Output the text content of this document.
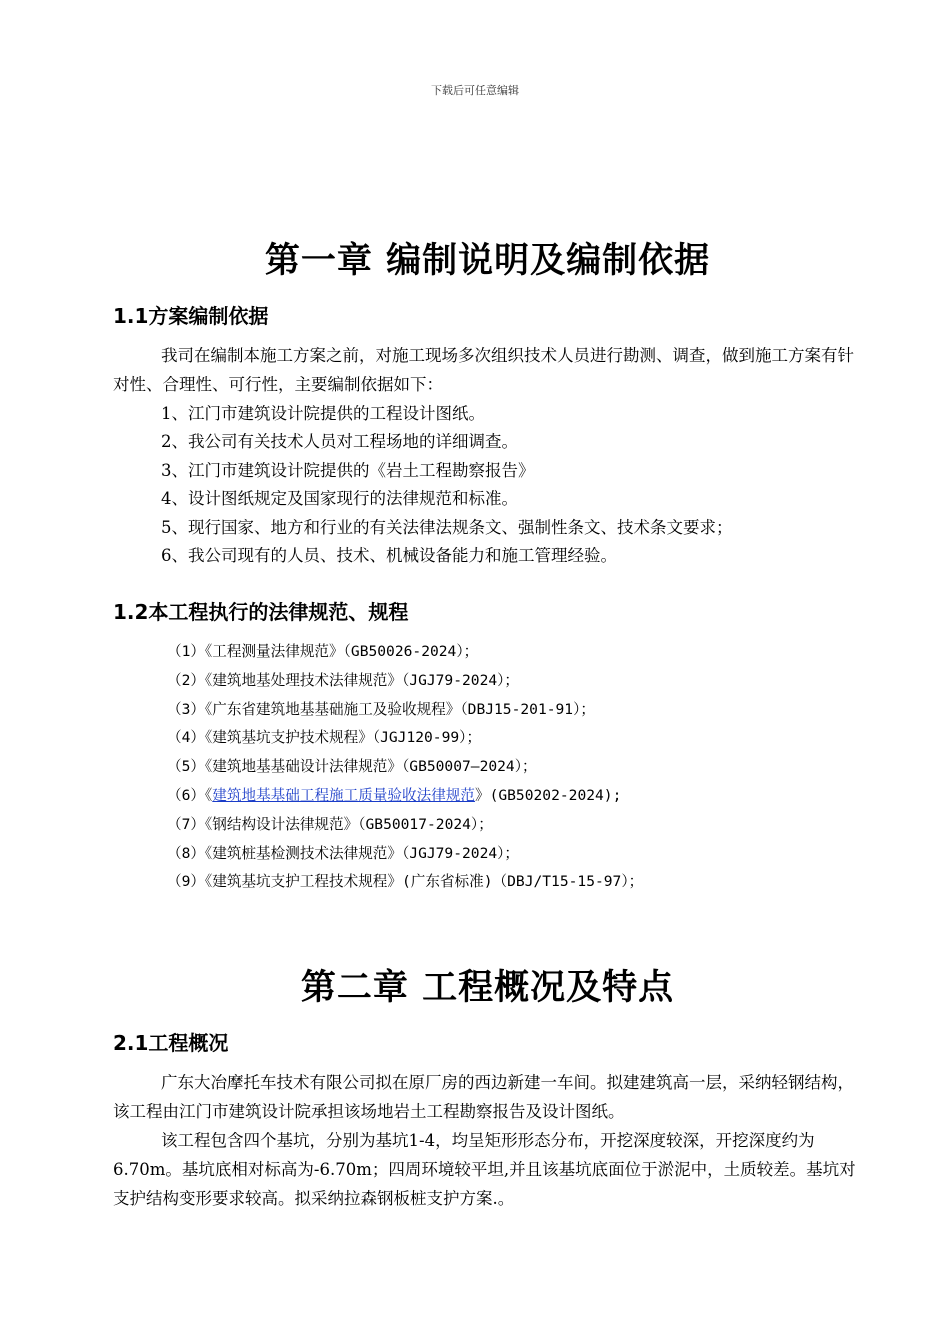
下载后可任意编辑
第一章 编制说明及编制依据
1.1方案编制依据

我司在编制本施工方案之前，对施工现场多次组织技术人员进行勘测、调查，做到施工方案有针对性、合理性、可行性，主要编制依据如下：

1、江门市建筑设计院提供的工程设计图纸。
2、我公司有关技术人员对工程场地的详细调查。
3、江门市建筑设计院提供的《岩土工程勘察报告》
4、设计图纸规定及国家现行的法律规范和标准。
5、现行国家、地方和行业的有关法律法规条文、强制性条文、技术条文要求；
6、我公司现有的人员、技术、机械设备能力和施工管理经验。
1.2本工程执行的法律规范、规程
（1）《工程测量法律规范》（GB50026-2024）；
（2）《建筑地基处理技术法律规范》（JGJ79-2024）；
（3）《广东省建筑地基基础施工及验收规程》（DBJ15-201-91）；
（4）《建筑基坑支护技术规程》（JGJ120-99）；
（5）《建筑地基基础设计法律规范》（GB50007—2024）；
（6）《建筑地基基础工程施工质量验收法律规范》(GB50202-2024);
（7）《钢结构设计法律规范》（GB50017-2024）；
（8）《建筑桩基检测技术法律规范》（JGJ79-2024）；
（9）《建筑基坑支护工程技术规程》(广东省标准)（DBJ/T15-15-97）；
第二章 工程概况及特点
2.1工程概况

广东大冶摩托车技术有限公司拟在原厂房的西边新建一车间。拟建建筑高一层，采纳轻钢结构，该工程由江门市建筑设计院承担该场地岩土工程勘察报告及设计图纸。

该工程包含四个基坑，分别为基坑1-4，均呈矩形形态分布，开挖深度较深，开挖深度约为6.70m。基坑底相对标高为-6.70m；四周环境较平坦,并且该基坑底面位于淤泥中，土质较差。基坑对支护结构变形要求较高。拟采纳拉森钢板桩支护方案.。
